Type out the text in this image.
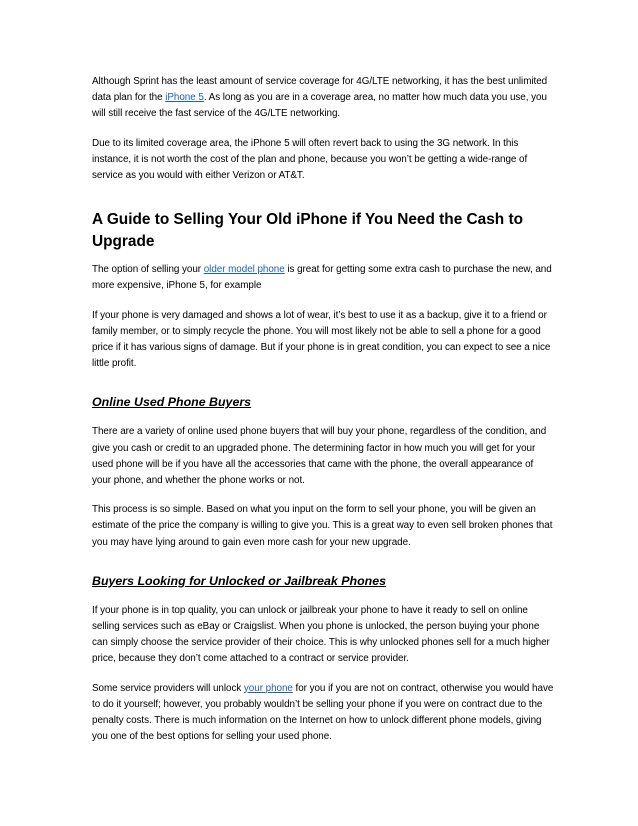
Although Sprint has the least amount of service coverage for 4G/LTE networking, it has the best unlimited data plan for the iPhone 5. As long as you are in a coverage area, no matter how much data you use, you will still receive the fast service of the 4G/LTE networking.

Due to its limited coverage area, the iPhone 5 will often revert back to using the 3G network. In this instance, it is not worth the cost of the plan and phone, because you won’t be getting a wide-range of service as you would with either Verizon or AT&T.

A Guide to Selling Your Old iPhone if You Need the Cash to Upgrade

The option of selling your older model phone is great for getting some extra cash to purchase the new, and more expensive, iPhone 5, for example

If your phone is very damaged and shows a lot of wear, it’s best to use it as a backup, give it to a friend or family member, or to simply recycle the phone. You will most likely not be able to sell a phone for a good price if it has various signs of damage. But if your phone is in great condition, you can expect to see a nice little profit.

Online Used Phone Buyers

There are a variety of online used phone buyers that will buy your phone, regardless of the condition, and give you cash or credit to an upgraded phone. The determining factor in how much you will get for your used phone will be if you have all the accessories that came with the phone, the overall appearance of your phone, and whether the phone works or not.

This process is so simple. Based on what you input on the form to sell your phone, you will be given an estimate of the price the company is willing to give you. This is a great way to even sell broken phones that you may have lying around to gain even more cash for your new upgrade.

Buyers Looking for Unlocked or Jailbreak Phones

If your phone is in top quality, you can unlock or jailbreak your phone to have it ready to sell on online selling services such as eBay or Craigslist. When you phone is unlocked, the person buying your phone can simply choose the service provider of their choice. This is why unlocked phones sell for a much higher price, because they don’t come attached to a contract or service provider.

Some service providers will unlock your phone for you if you are not on contract, otherwise you would have to do it yourself; however, you probably wouldn’t be selling your phone if you were on contract due to the penalty costs. There is much information on the Internet on how to unlock different phone models, giving you one of the best options for selling your used phone.
